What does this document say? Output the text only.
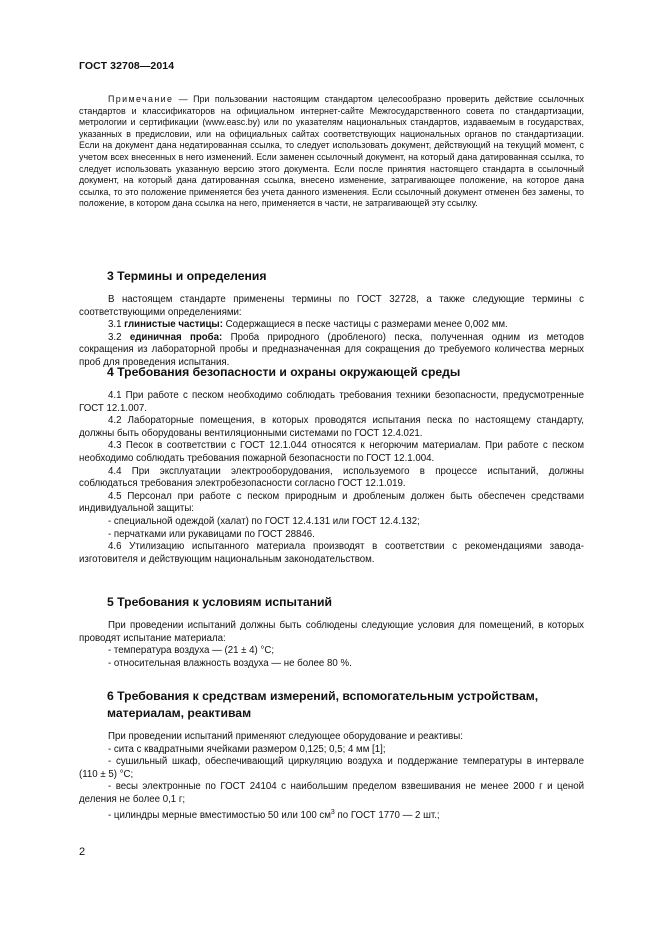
ГОСТ 32708—2014

Примечание — При пользовании настоящим стандартом целесообразно проверить действие ссылочных стандартов и классификаторов на официальном интернет-сайте Межгосударственного совета по стандартизации, метрологии и сертификации (www.easc.by) или по указателям национальных стандартов, издаваемым в государствах, указанных в предисловии, или на официальных сайтах соответствующих национальных органов по стандартизации. Если на документ дана недатированная ссылка, то следует использовать документ, действующий на текущий момент, с учетом всех внесенных в него изменений. Если заменен ссылочный документ, на который дана датированная ссылка, то следует использовать указанную версию этого документа. Если после принятия настоящего стандарта в ссылочный документ, на который дана датированная ссылка, внесено изменение, затрагивающее положение, на которое дана ссылка, то это положение применяется без учета данного изменения. Если ссылочный документ отменен без замены, то положение, в котором дана ссылка на него, применяется в части, не затрагивающей эту ссылку.

3 Термины и определения

В настоящем стандарте применены термины по ГОСТ 32728, а также следующие термины с соответствующими определениями:

3.1 глинистые частицы: Содержащиеся в песке частицы с размерами менее 0,002 мм.

3.2 единичная проба: Проба природного (дробленого) песка, полученная одним из методов сокращения из лабораторной пробы и предназначенная для сокращения до требуемого количества мерных проб для проведения испытания.

4 Требования безопасности и охраны окружающей среды

4.1 При работе с песком необходимо соблюдать требования техники безопасности, предусмотренные ГОСТ 12.1.007.

4.2 Лабораторные помещения, в которых проводятся испытания песка по настоящему стандарту, должны быть оборудованы вентиляционными системами по ГОСТ 12.4.021.

4.3 Песок в соответствии с ГОСТ 12.1.044 относятся к негорючим материалам. При работе с песком необходимо соблюдать требования пожарной безопасности по ГОСТ 12.1.004.

4.4 При эксплуатации электрооборудования, используемого в процессе испытаний, должны соблюдаться требования электробезопасности согласно ГОСТ 12.1.019.

4.5 Персонал при работе с песком природным и дробленым должен быть обеспечен средствами индивидуальной защиты:

- специальной одеждой (халат) по ГОСТ 12.4.131 или ГОСТ 12.4.132;

- перчатками или рукавицами по ГОСТ 28846.

4.6 Утилизацию испытанного материала производят в соответствии с рекомендациями завода-изготовителя и действующим национальным законодательством.

5 Требования к условиям испытаний

При проведении испытаний должны быть соблюдены следующие условия для помещений, в которых проводят испытание материала:

- температура воздуха — (21 ± 4) °С;

- относительная влажность воздуха — не более 80 %.

6 Требования к средствам измерений, вспомогательным устройствам,
материалам, реактивам

При проведении испытаний применяют следующее оборудование и реактивы:

- сита с квадратными ячейками размером 0,125; 0,5; 4 мм [1];

- сушильный шкаф, обеспечивающий циркуляцию воздуха и поддержание температуры в интервале (110 ± 5) °С;

- весы электронные по ГОСТ 24104 с наибольшим пределом взвешивания не менее 2000 г и ценой деления не более 0,1 г;

- цилиндры мерные вместимостью 50 или 100 $см^3$ по ГОСТ 1770 — 2 шт.;

2
